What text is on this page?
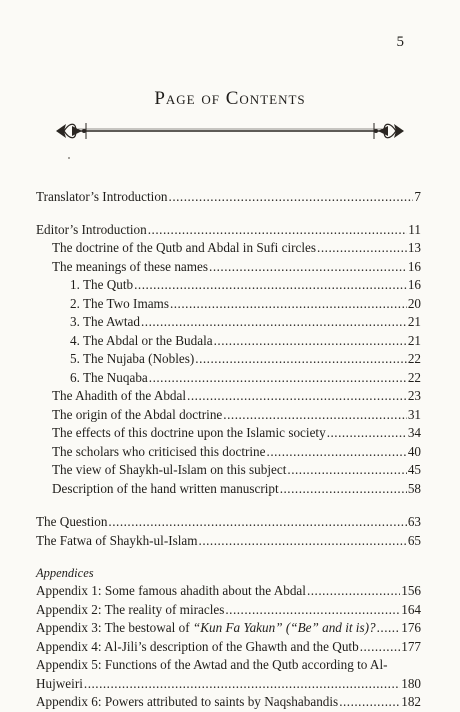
5
Page of Contents
Translator’s Introduction .....	7
Editor’s Introduction .....	11
The doctrine of the Qutb and Abdal in Sufi circles .....	13
The meanings of these names .....	16
1. The Qutb .....	16
2. The Two Imams .....	20
3. The Awtad .....	21
4. The Abdal or the Budala .....	21
5. The Nujaba (Nobles) .....	22
6. The Nuqaba .....	22
The Ahadith of the Abdal .....	23
The origin of the Abdal doctrine .....	31
The effects of this doctrine upon the Islamic society .....	34
The scholars who criticised this doctrine .....	40
The view of Shaykh-ul-Islam on this subject .....	45
Description of the hand written manuscript .....	58
The Question .....	63
The Fatwa of Shaykh-ul-Islam .....	65
Appendices
Appendix 1: Some famous ahadith about the Abdal .....	156
Appendix 2: The reality of miracles .....	164
Appendix 3: The bestowal of “Kun Fa Yakun” (“Be” and it is)? ..... 176
Appendix 4: Al-Jili’s description of the Ghawth and the Qutb .....	177
Appendix 5: Functions of the Awtad and the Qutb according to Al-
Hujweiri .....	180
Appendix 6: Powers attributed to saints by Naqshabandis .....	182
